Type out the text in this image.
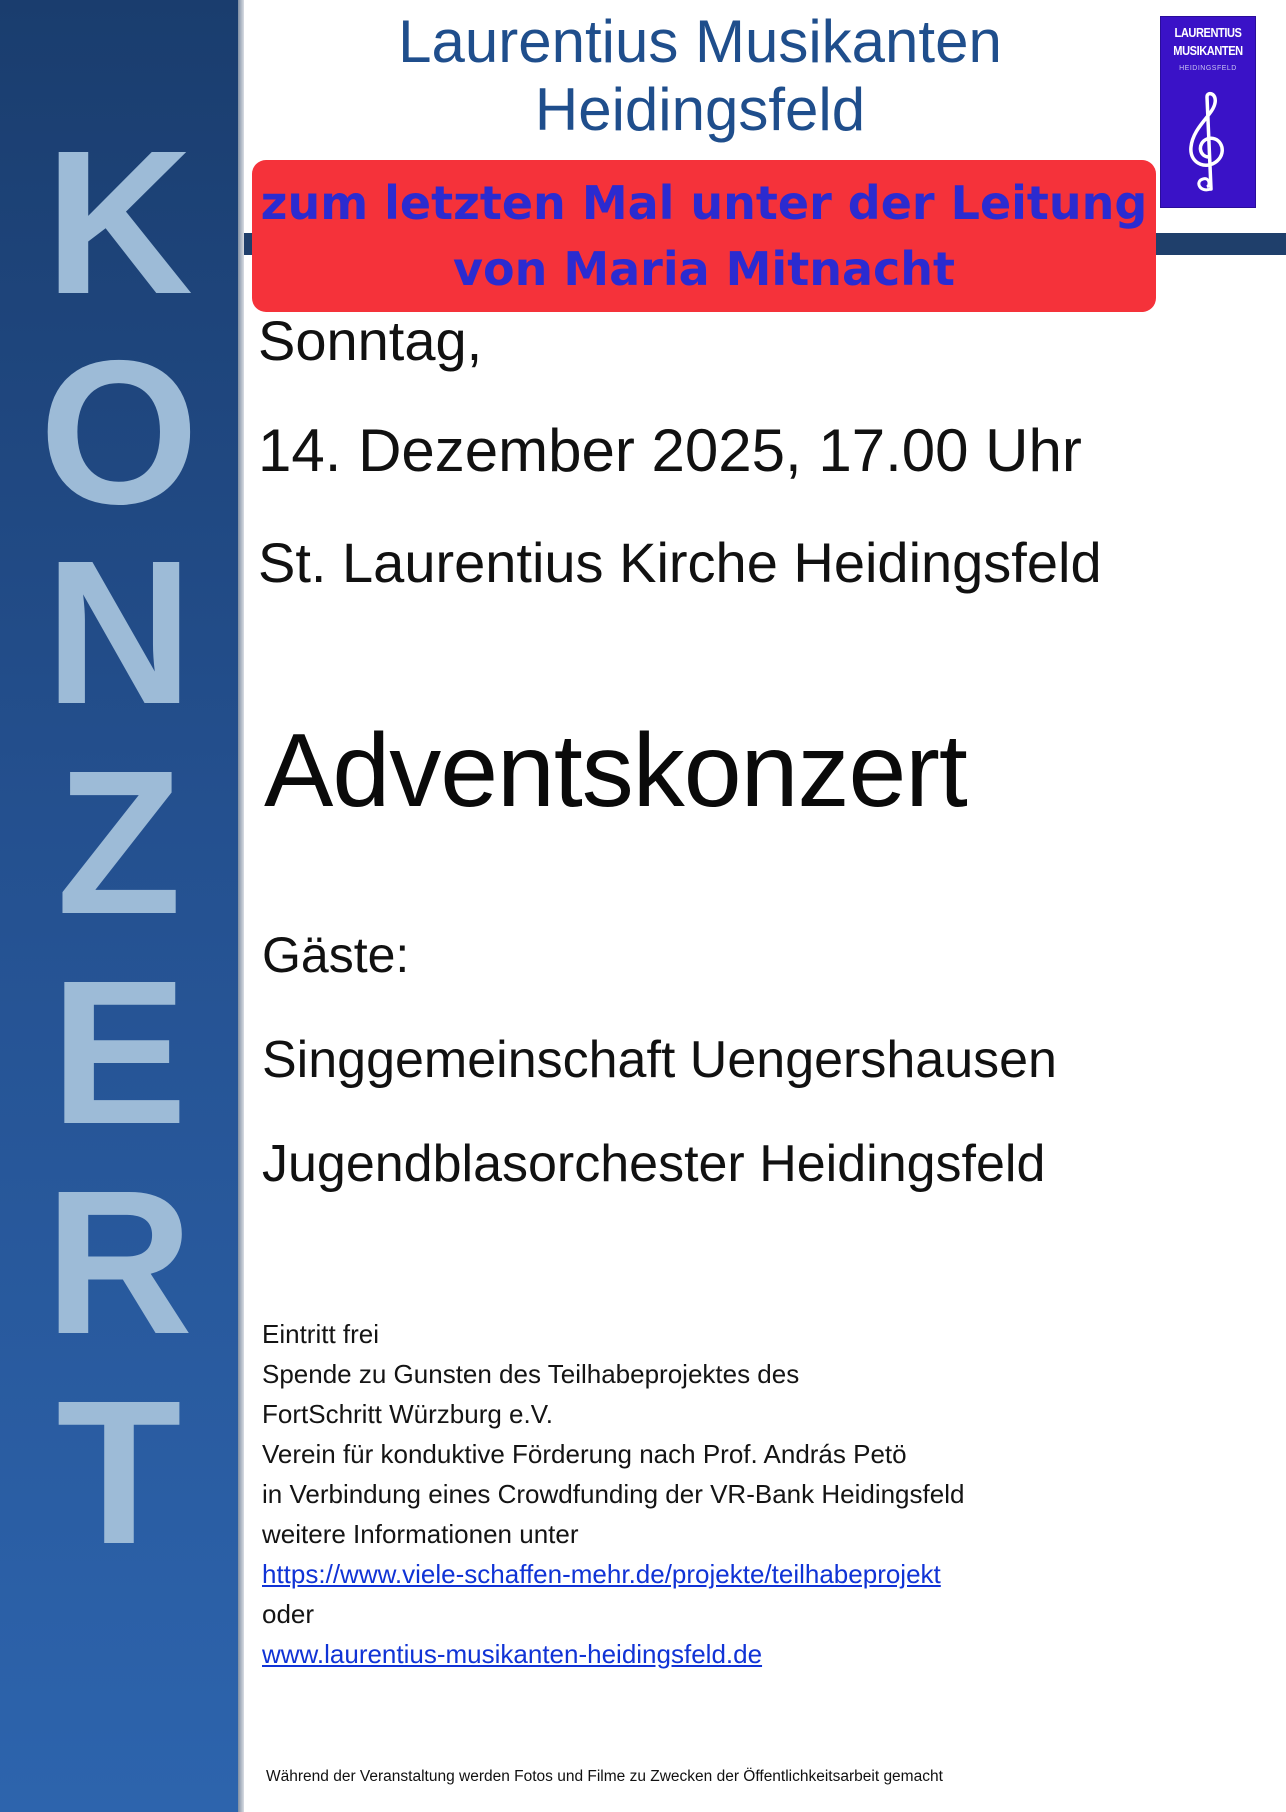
K
O
N
Z
E
R
T
Laurentius Musikanten
Heidingsfeld
LAURENTIUS
MUSIKANTEN
HEIDINGSFELD
zum letzten Mal unter der Leitung
von Maria Mitnacht
Sonntag,
14. Dezember 2025, 17.00 Uhr
St. Laurentius Kirche Heidingsfeld
Adventskonzert
Gäste:
Singgemeinschaft Uengershausen
Jugendblasorchester Heidingsfeld
Eintritt frei
Spende zu Gunsten des Teilhabeprojektes des
FortSchritt Würzburg e.V.
Verein für konduktive Förderung nach Prof. András Petö
in Verbindung eines Crowdfunding der VR-Bank Heidingsfeld
weitere Informationen unter
https://www.viele-schaffen-mehr.de/projekte/teilhabeprojekt
oder
www.laurentius-musikanten-heidingsfeld.de
Während der Veranstaltung werden Fotos und Filme zu Zwecken der Öffentlichkeitsarbeit gemacht
